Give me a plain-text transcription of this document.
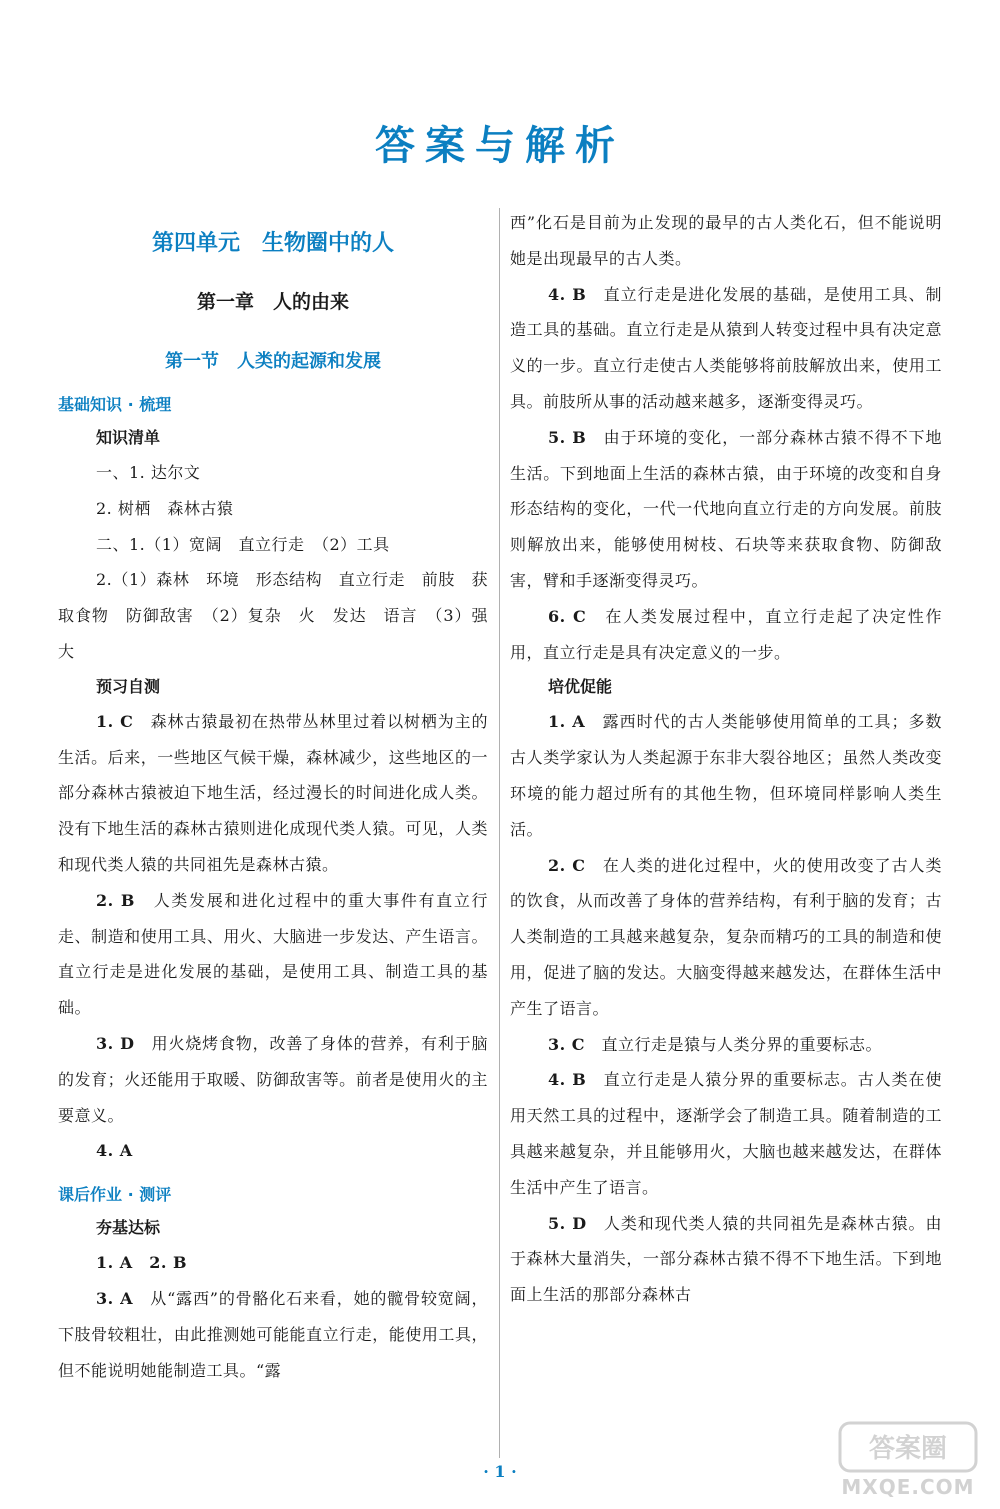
答案与解析
第四单元　生物圈中的人
第一章　人的由来
第一节　人类的起源和发展
基础知识 · 梳理
知识清单
一、1. 达尔文
2. 树栖　森林古猿
二、1.（1）宽阔　直立行走　（2）工具
2.（1）森林　环境　形态结构　直立行走　前肢　获取食物　防御敌害　（2）复杂　火　发达　语言　（3）强大
预习自测
1. C　森林古猿最初在热带丛林里过着以树栖为主的生活。后来，一些地区气候干燥，森林减少，这些地区的一部分森林古猿被迫下地生活，经过漫长的时间进化成人类。没有下地生活的森林古猿则进化成现代类人猿。可见，人类和现代类人猿的共同祖先是森林古猿。
2. B　人类发展和进化过程中的重大事件有直立行走、制造和使用工具、用火、大脑进一步发达、产生语言。直立行走是进化发展的基础，是使用工具、制造工具的基础。
3. D　用火烧烤食物，改善了身体的营养，有利于脑的发育；火还能用于取暖、防御敌害等。前者是使用火的主要意义。
4. A
课后作业 · 测评
夯基达标
1. A　2. B
3. A　从“露西”的骨骼化石来看，她的髋骨较宽阔，下肢骨较粗壮，由此推测她可能能直立行走，能使用工具，但不能说明她能制造工具。“露
西”化石是目前为止发现的最早的古人类化石，但不能说明她是出现最早的古人类。
4. B　直立行走是进化发展的基础，是使用工具、制造工具的基础。直立行走是从猿到人转变过程中具有决定意义的一步。直立行走使古人类能够将前肢解放出来，使用工具。前肢所从事的活动越来越多，逐渐变得灵巧。
5. B　由于环境的变化，一部分森林古猿不得不下地生活。下到地面上生活的森林古猿，由于环境的改变和自身形态结构的变化，一代一代地向直立行走的方向发展。前肢则解放出来，能够使用树枝、石块等来获取食物、防御敌害，臂和手逐渐变得灵巧。
6. C　在人类发展过程中，直立行走起了决定性作用，直立行走是具有决定意义的一步。
培优促能
1. A　露西时代的古人类能够使用简单的工具；多数古人类学家认为人类起源于东非大裂谷地区；虽然人类改变环境的能力超过所有的其他生物，但环境同样影响人类生活。
2. C　在人类的进化过程中，火的使用改变了古人类的饮食，从而改善了身体的营养结构，有利于脑的发育；古人类制造的工具越来越复杂，复杂而精巧的工具的制造和使用，促进了脑的发达。大脑变得越来越发达，在群体生活中产生了语言。
3. C　直立行走是猿与人类分界的重要标志。
4. B　直立行走是人猿分界的重要标志。古人类在使用天然工具的过程中，逐渐学会了制造工具。随着制造的工具越来越复杂，并且能够用火，大脑也越来越发达，在群体生活中产生了语言。
5. D　人类和现代类人猿的共同祖先是森林古猿。由于森林大量消失，一部分森林古猿不得不下地生活。下到地面上生活的那部分森林古
· 1 ·
答案圈
MXQE.COM
